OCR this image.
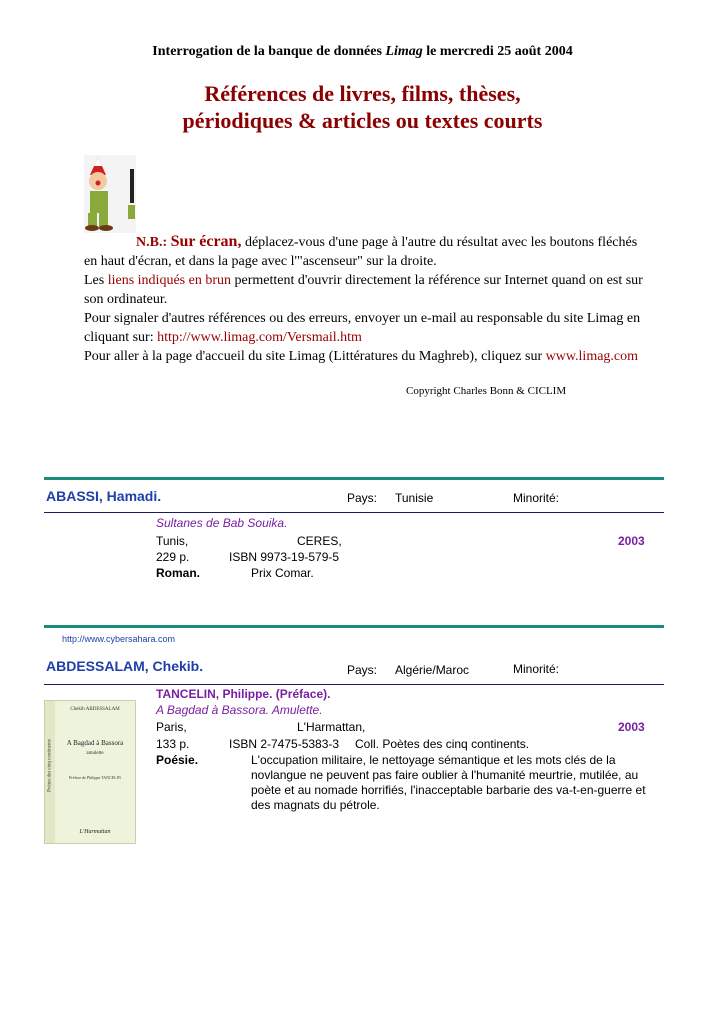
Interrogation de la banque de données Limag le mercredi 25 août 2004
Références de livres, films, thèses,
périodiques & articles ou textes courts
N.B.: Sur écran, déplacez-vous d'une page à l'autre du résultat avec les boutons fléchés
en haut d'écran, et dans la page avec l'"ascenseur" sur la droite.
Les liens indiqués en brun permettent d'ouvrir directement la référence sur Internet quand on est sur
son ordinateur.
Pour signaler d'autres références ou des erreurs, envoyer un e-mail au responsable du site Limag en
cliquant sur: http://www.limag.com/Versmail.htm
Pour aller à la page d'accueil du site Limag (Littératures du Maghreb), cliquez sur www.limag.com
Copyright Charles Bonn & CICLIM
ABASSI, Hamadi.	Pays: Tunisie	Minorité:
Sultanes de Bab Souika.
Tunis,	CERES,	2003
229 p.	ISBN 9973-19-579-5
Roman.	Prix Comar.
http://www.cybersahara.com
ABDESSALAM, Chekib.	Pays: Algérie/Maroc	Minorité:
Poètes des cinq continents
Chekib ABDESSALAM
A Bagdad à Bassora
amulette
Préface de Philippe TANCELIN
L'Harmattan
TANCELIN, Philippe. (Préface).
A Bagdad à Bassora. Amulette.
Paris,	L'Harmattan,	2003
133 p.	ISBN 2-7475-5383-3 Coll. Poètes des cinq continents.
Poésie.	L'occupation militaire, le nettoyage sémantique et les mots clés de la
novlangue ne peuvent pas faire oublier à l'humanité meurtrie, mutilée, au
poète et au nomade horrifiés, l'inacceptable barbarie des va-t-en-guerre et
des magnats du pétrole.
